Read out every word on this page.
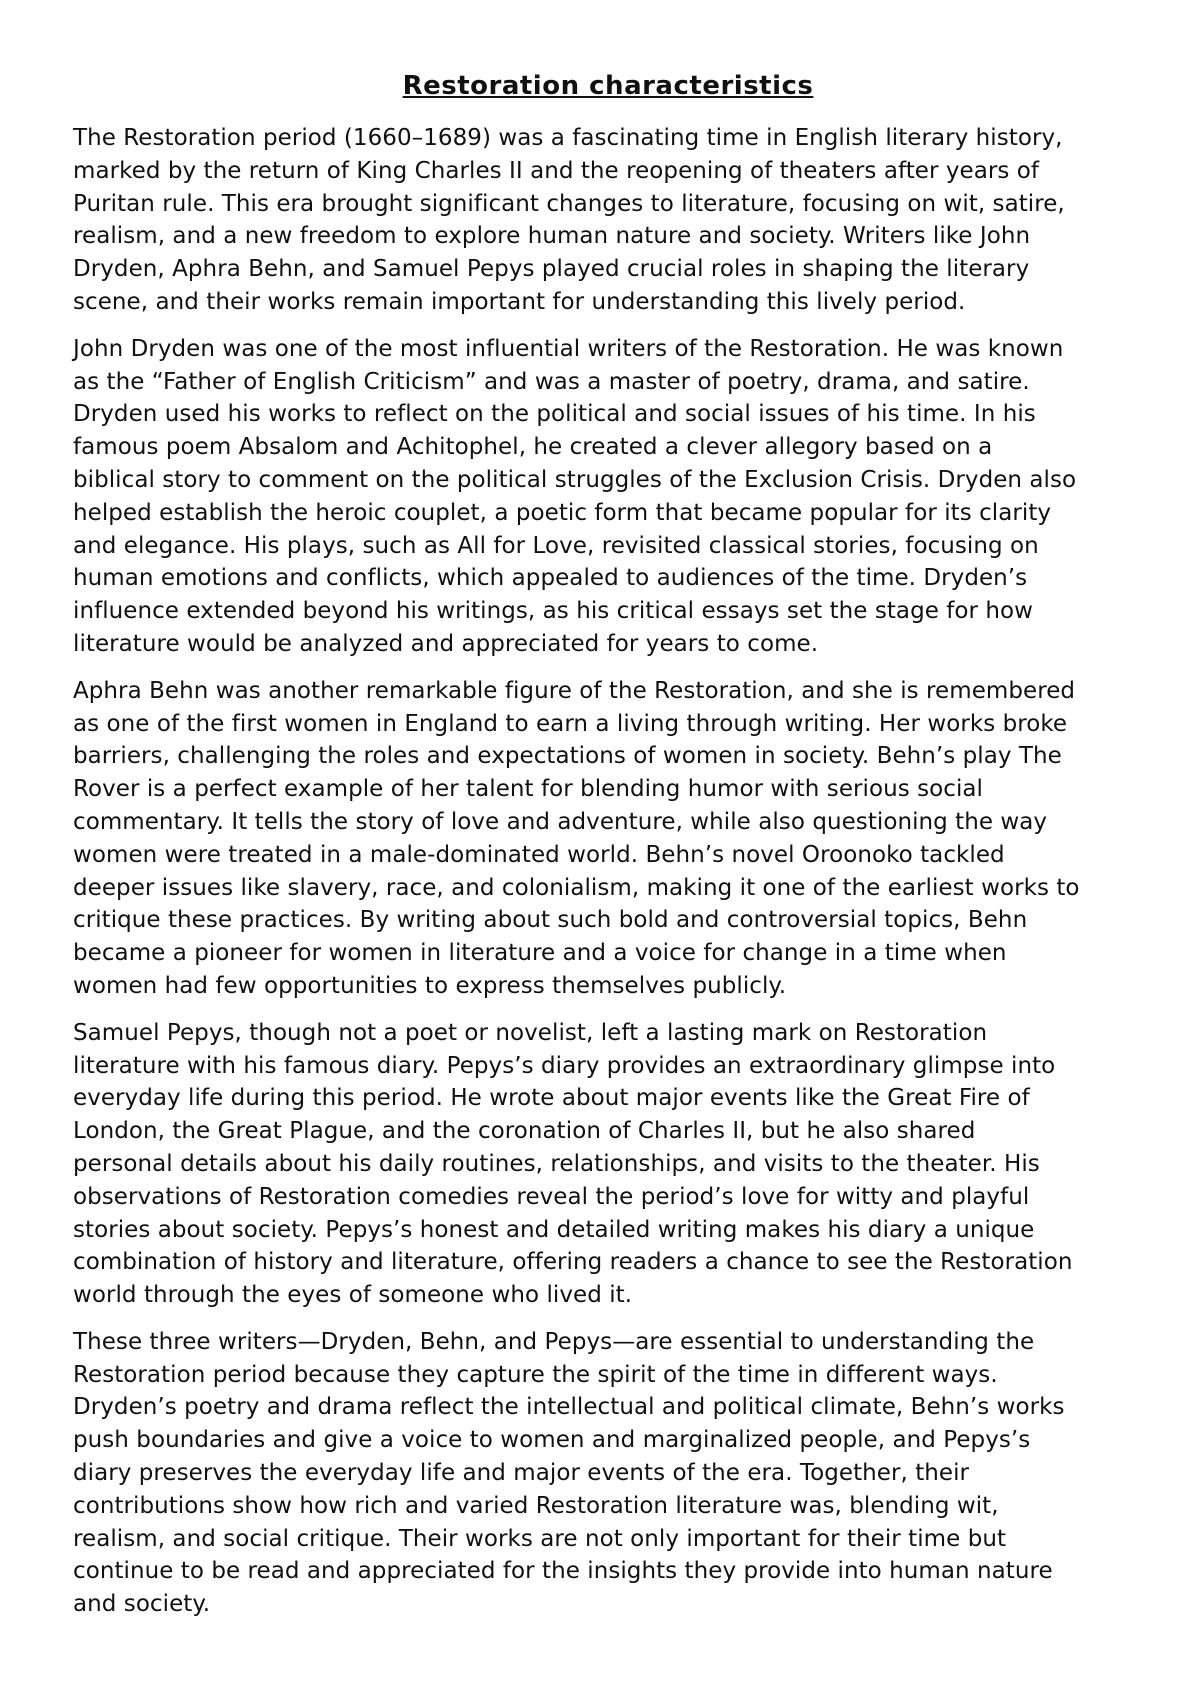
Restoration characteristics
The Restoration period (1660–1689) was a fascinating time in English literary history,
marked by the return of King Charles II and the reopening of theaters after years of
Puritan rule. This era brought significant changes to literature, focusing on wit, satire,
realism, and a new freedom to explore human nature and society. Writers like John
Dryden, Aphra Behn, and Samuel Pepys played crucial roles in shaping the literary
scene, and their works remain important for understanding this lively period.
John Dryden was one of the most influential writers of the Restoration. He was known
as the “Father of English Criticism” and was a master of poetry, drama, and satire.
Dryden used his works to reflect on the political and social issues of his time. In his
famous poem Absalom and Achitophel, he created a clever allegory based on a
biblical story to comment on the political struggles of the Exclusion Crisis. Dryden also
helped establish the heroic couplet, a poetic form that became popular for its clarity
and elegance. His plays, such as All for Love, revisited classical stories, focusing on
human emotions and conflicts, which appealed to audiences of the time. Dryden’s
influence extended beyond his writings, as his critical essays set the stage for how
literature would be analyzed and appreciated for years to come.
Aphra Behn was another remarkable figure of the Restoration, and she is remembered
as one of the first women in England to earn a living through writing. Her works broke
barriers, challenging the roles and expectations of women in society. Behn’s play The
Rover is a perfect example of her talent for blending humor with serious social
commentary. It tells the story of love and adventure, while also questioning the way
women were treated in a male-dominated world. Behn’s novel Oroonoko tackled
deeper issues like slavery, race, and colonialism, making it one of the earliest works to
critique these practices. By writing about such bold and controversial topics, Behn
became a pioneer for women in literature and a voice for change in a time when
women had few opportunities to express themselves publicly.
Samuel Pepys, though not a poet or novelist, left a lasting mark on Restoration
literature with his famous diary. Pepys’s diary provides an extraordinary glimpse into
everyday life during this period. He wrote about major events like the Great Fire of
London, the Great Plague, and the coronation of Charles II, but he also shared
personal details about his daily routines, relationships, and visits to the theater. His
observations of Restoration comedies reveal the period’s love for witty and playful
stories about society. Pepys’s honest and detailed writing makes his diary a unique
combination of history and literature, offering readers a chance to see the Restoration
world through the eyes of someone who lived it.
These three writers—Dryden, Behn, and Pepys—are essential to understanding the
Restoration period because they capture the spirit of the time in different ways.
Dryden’s poetry and drama reflect the intellectual and political climate, Behn’s works
push boundaries and give a voice to women and marginalized people, and Pepys’s
diary preserves the everyday life and major events of the era. Together, their
contributions show how rich and varied Restoration literature was, blending wit,
realism, and social critique. Their works are not only important for their time but
continue to be read and appreciated for the insights they provide into human nature
and society.
